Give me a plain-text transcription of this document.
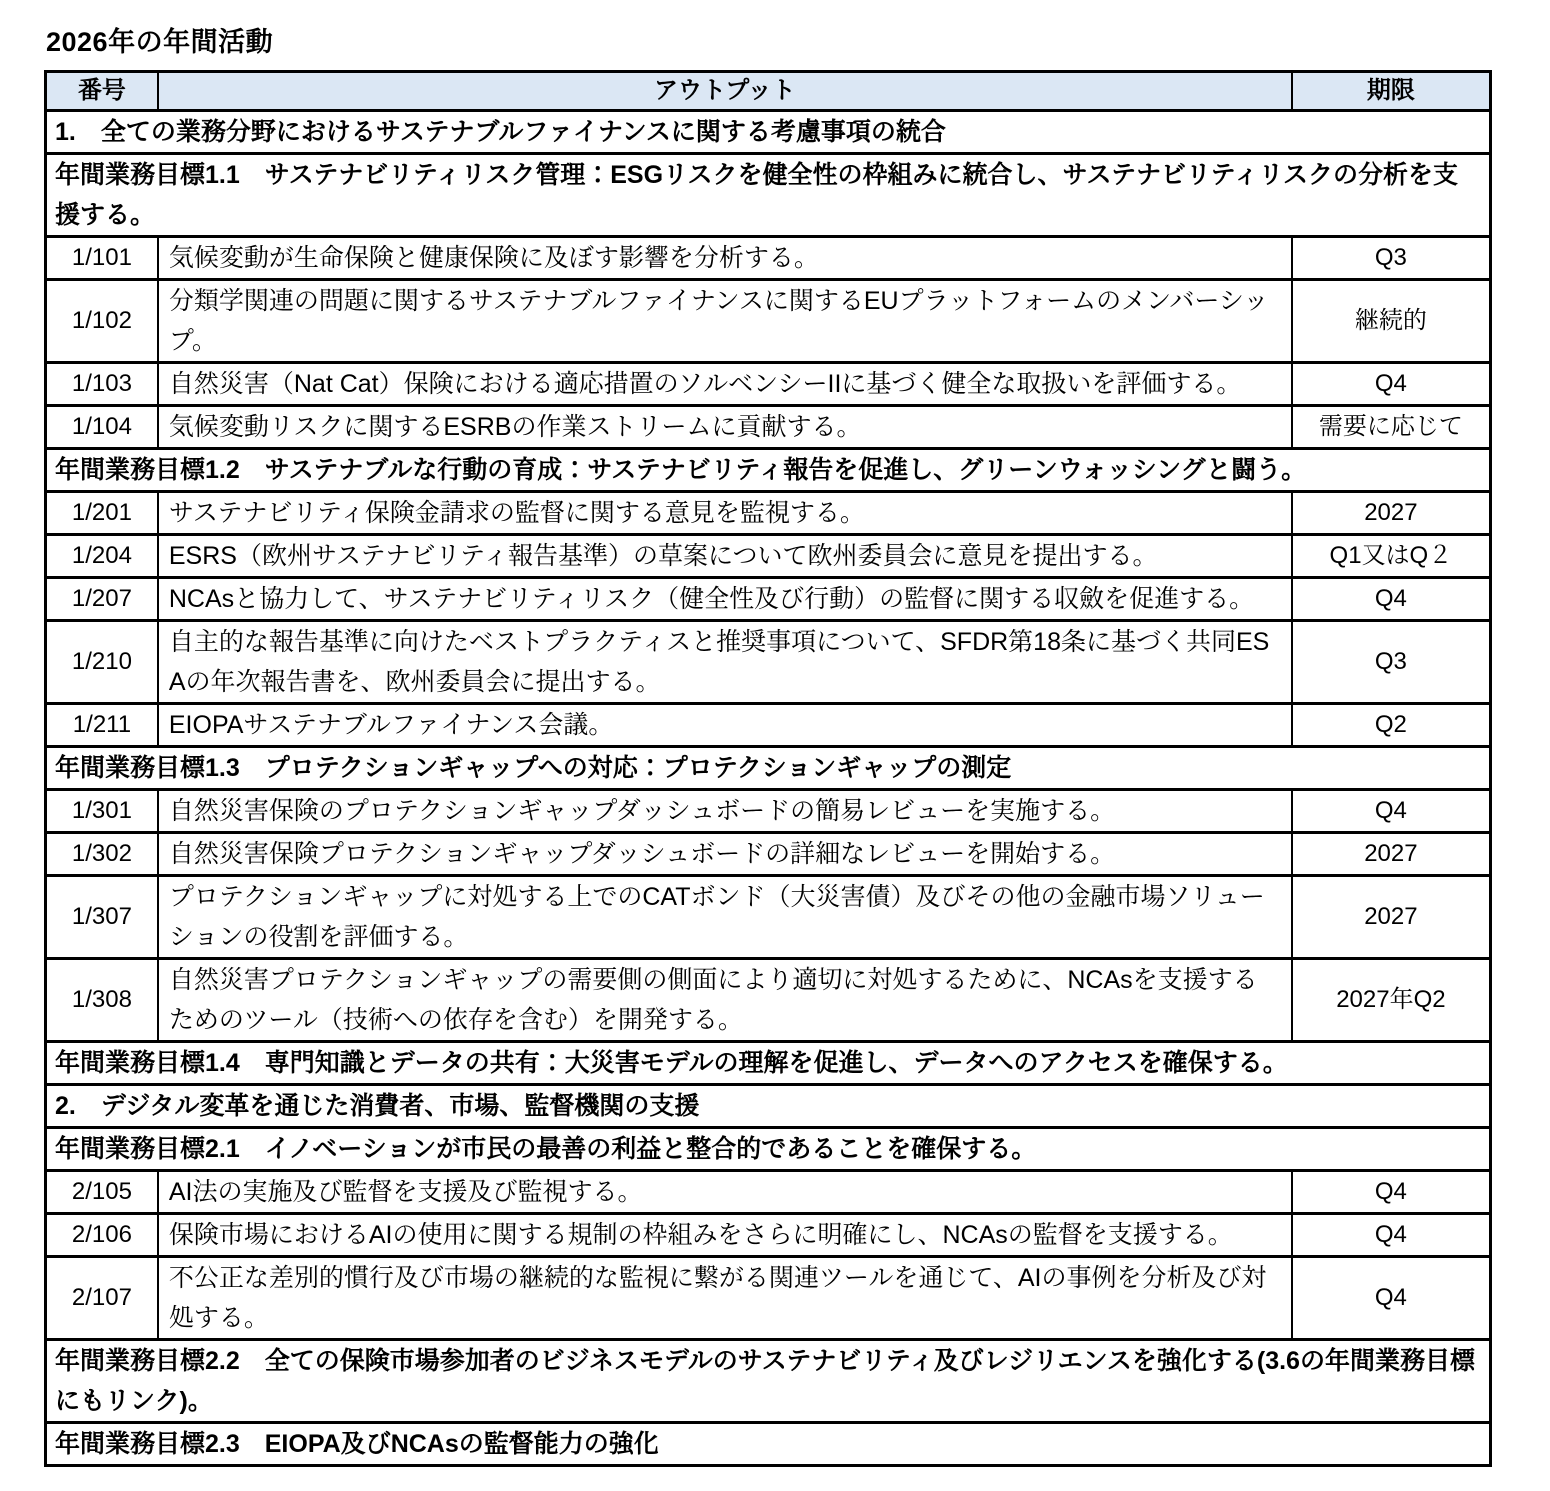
2026年の年間活動
番号	アウトプット	期限
1.　全ての業務分野におけるサステナブルファイナンスに関する考慮事項の統合		
年間業務目標1.1　サステナビリティリスク管理：ESGリスクを健全性の枠組みに統合し、サステナビリティリスクの分析を支援する。		
1/101	気候変動が生命保険と健康保険に及ぼす影響を分析する。	Q3
1/102	分類学関連の問題に関するサステナブルファイナンスに関するEUプラットフォームのメンバーシップ。	継続的
1/103	自然災害（Nat Cat）保険における適応措置のソルベンシーIIに基づく健全な取扱いを評価する。	Q4
1/104	気候変動リスクに関するESRBの作業ストリームに貢献する。	需要に応じて
年間業務目標1.2　サステナブルな行動の育成：サステナビリティ報告を促進し、グリーンウォッシングと闘う。		
1/201	サステナビリティ保険金請求の監督に関する意見を監視する。	2027
1/204	ESRS（欧州サステナビリティ報告基準）の草案について欧州委員会に意見を提出する。	Q1又はQ２
1/207	NCAsと協力して、サステナビリティリスク（健全性及び行動）の監督に関する収斂を促進する。	Q4
1/210	自主的な報告基準に向けたベストプラクティスと推奨事項について、SFDR第18条に基づく共同ESAの年次報告書を、欧州委員会に提出する。	Q3
1/211	EIOPAサステナブルファイナンス会議。	Q2
年間業務目標1.3　プロテクションギャップへの対応：プロテクションギャップの測定		
1/301	自然災害保険のプロテクションギャップダッシュボードの簡易レビューを実施する。	Q4
1/302	自然災害保険プロテクションギャップダッシュボードの詳細なレビューを開始する。	2027
1/307	プロテクションギャップに対処する上でのCATボンド（大災害債）及びその他の金融市場ソリューションの役割を評価する。	2027
1/308	自然災害プロテクションギャップの需要側の側面により適切に対処するために、NCAsを支援するためのツール（技術への依存を含む）を開発する。	2027年Q2
年間業務目標1.4　専門知識とデータの共有：大災害モデルの理解を促進し、データへのアクセスを確保する。		
2.　デジタル変革を通じた消費者、市場、監督機関の支援		
年間業務目標2.1　イノベーションが市民の最善の利益と整合的であることを確保する。		
2/105	AI法の実施及び監督を支援及び監視する。	Q4
2/106	保険市場におけるAIの使用に関する規制の枠組みをさらに明確にし、NCAsの監督を支援する。	Q4
2/107	不公正な差別的慣行及び市場の継続的な監視に繋がる関連ツールを通じて、AIの事例を分析及び対処する。	Q4
年間業務目標2.2　全ての保険市場参加者のビジネスモデルのサステナビリティ及びレジリエンスを強化する(3.6の年間業務目標にもリンク)。		
年間業務目標2.3　EIOPA及びNCAsの監督能力の強化		
